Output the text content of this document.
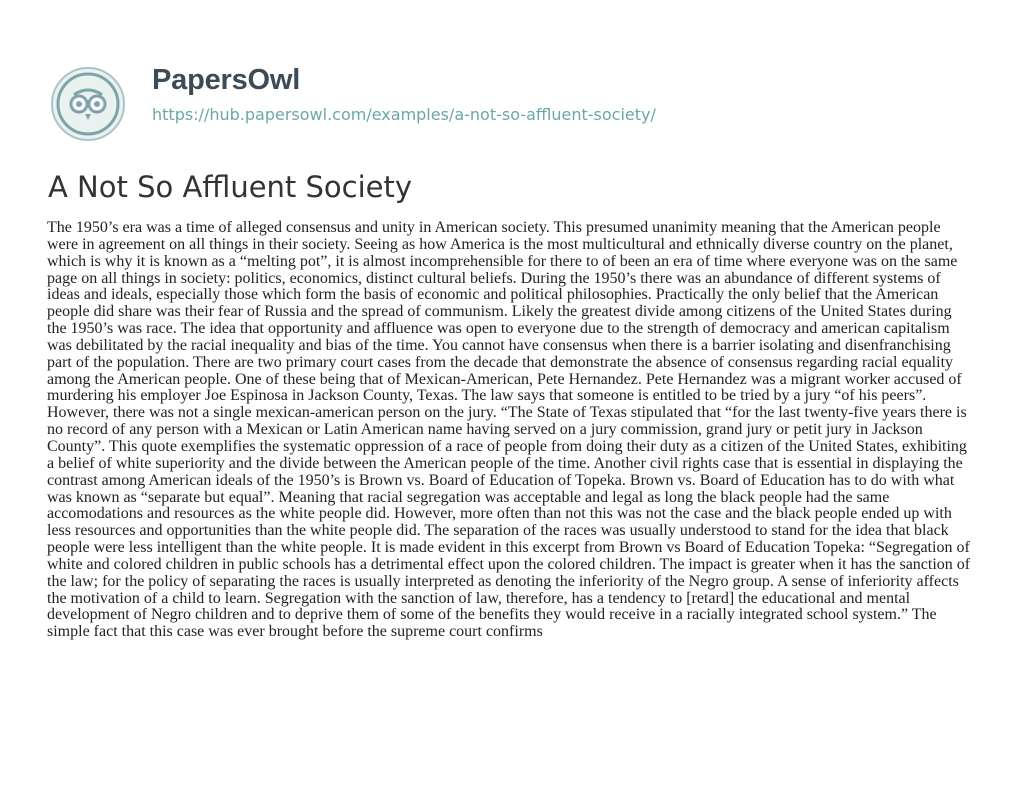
PapersOwl
https://hub.papersowl.com/examples/a-not-so-affluent-society/
A Not So Affluent Society

The 1950’s era was a time of alleged consensus and unity in American society. This presumed unanimity meaning that the American people were in agreement on all things in their society. Seeing as how America is the most multicultural and ethnically diverse country on the planet, which is why it is known as a “melting pot”, it is almost incomprehensible for there to of been an era of time where everyone was on the same page on all things in society: politics, economics, distinct cultural beliefs. During the 1950’s there was an abundance of different systems of ideas and ideals, especially those which form the basis of economic and political philosophies. Practically the only belief that the American people did share was their fear of Russia and the spread of communism. Likely the greatest divide among citizens of the United States during the 1950’s was race. The idea that opportunity and affluence was open to everyone due to the strength of democracy and american capitalism was debilitated by the racial inequality and bias of the time. You cannot have consensus when there is a barrier isolating and disenfranchising part of the population. There are two primary court cases from the decade that demonstrate the absence of consensus regarding racial equality among the American people. One of these being that of Mexican-American, Pete Hernandez. Pete Hernandez was a migrant worker accused of murdering his employer Joe Espinosa in Jackson County, Texas. The law says that someone is entitled to be tried by a jury “of his peers”. However, there was not a single mexican-american person on the jury. “The State of Texas stipulated that “for the last twenty-five years there is no record of any person with a Mexican or Latin American name having served on a jury commission, grand jury or petit jury in Jackson County”. This quote exemplifies the systematic oppression of a race of people from doing their duty as a citizen of the United States, exhibiting a belief of white superiority and the divide between the American people of the time. Another civil rights case that is essential in displaying the contrast among American ideals of the 1950’s is Brown vs. Board of Education of Topeka. Brown vs. Board of Education has to do with what was known as “separate but equal”. Meaning that racial segregation was acceptable and legal as long the black people had the same accomodations and resources as the white people did. However, more often than not this was not the case and the black people ended up with less resources and opportunities than the white people did. The separation of the races was usually understood to stand for the idea that black people were less intelligent than the white people. It is made evident in this excerpt from Brown vs Board of Education Topeka: “Segregation of white and colored children in public schools has a detrimental effect upon the colored children. The impact is greater when it has the sanction of the law; for the policy of separating the races is usually interpreted as denoting the inferiority of the Negro group. A sense of inferiority affects the motivation of a child to learn. Segregation with the sanction of law, therefore, has a tendency to [retard] the educational and mental development of Negro children and to deprive them of some of the benefits they would receive in a racially integrated school system.” The simple fact that this case was ever brought before the supreme court confirms
